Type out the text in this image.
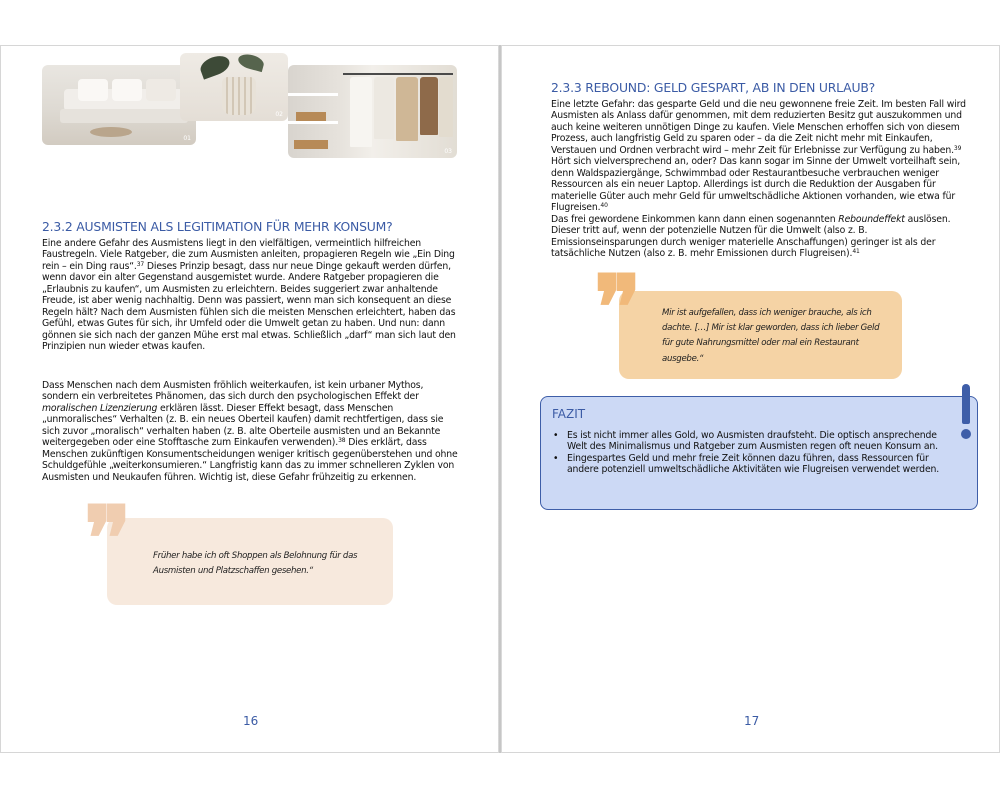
01
02
03
2.3.2 AUSMISTEN ALS LEGITIMATION FÜR MEHR KONSUM?

Eine andere Gefahr des Ausmistens liegt in den vielfältigen, vermeintlich hilfreichen Faustregeln. Viele Ratgeber, die zum Ausmisten anleiten, propagieren Regeln wie „Ein Ding rein – ein Ding raus“.$^{37}$ Dieses Prinzip besagt, dass nur neue Dinge gekauft werden dürfen, wenn davor ein alter Gegenstand ausgemistet wurde. Andere Ratgeber propagieren die „Erlaubnis zu kaufen“, um Ausmisten zu erleichtern. Beides suggeriert zwar anhaltende Freude, ist aber wenig nachhaltig. Denn was passiert, wenn man sich konsequent an diese Regeln hält? Nach dem Ausmisten fühlen sich die meisten Menschen erleichtert, haben das Gefühl, etwas Gutes für sich, ihr Umfeld oder die Umwelt getan zu haben. Und nun: dann gönnen sie sich nach der ganzen Mühe erst mal etwas. Schließlich „darf“ man sich laut den Prinzipien nun wieder etwas kaufen.

Dass Menschen nach dem Ausmisten fröhlich weiterkaufen, ist kein urbaner Mythos, sondern ein verbreitetes Phänomen, das sich durch den psychologischen Effekt der moralischen Lizenzierung erklären lässt. Dieser Effekt besagt, dass Menschen „unmoralisches“ Verhalten (z. B. ein neues Oberteil kaufen) damit rechtfertigen, dass sie sich zuvor „moralisch“ verhalten haben (z. B. alte Oberteile ausmisten und an Bekannte weitergegeben oder eine Stofftasche zum Einkaufen verwenden).$^{38}$ Dies erklärt, dass Menschen zukünftigen Konsumentscheidungen weniger kritisch gegenüberstehen und ohne Schuldgefühle „weiterkonsumieren.“ Langfristig kann das zu immer schnelleren Zyklen von Ausmisten und Neukaufen führen. Wichtig ist, diese Gefahr frühzeitig zu erkennen.

❞	Früher habe ich oft Shoppen als Belohnung für das Ausmisten und Platzschaffen gesehen.“

16
2.3.3 REBOUND: GELD GESPART, AB IN DEN URLAUB?

Eine letzte Gefahr: das gesparte Geld und die neu gewonnene freie Zeit. Im besten Fall wird Ausmisten als Anlass dafür genommen, mit dem reduzierten Besitz gut auszukommen und auch keine weiteren unnötigen Dinge zu kaufen. Viele Menschen erhoffen sich von diesem Prozess, auch langfristig Geld zu sparen oder – da die Zeit nicht mehr mit Einkaufen, Verstauen und Ordnen verbracht wird – mehr Zeit für Erlebnisse zur Verfügung zu haben.$^{39}$ Hört sich vielversprechend an, oder? Das kann sogar im Sinne der Umwelt vorteilhaft sein, denn Waldspaziergänge, Schwimmbad oder Restaurantbesuche verbrauchen weniger Ressourcen als ein neuer Laptop. Allerdings ist durch die Reduktion der Ausgaben für materielle Güter auch mehr Geld für umweltschädliche Aktionen vorhanden, wie etwa für Flugreisen.$^{40}$

Das frei gewordene Einkommen kann dann einen sogenannten Reboundeffekt auslösen. Dieser tritt auf, wenn der potenzielle Nutzen für die Umwelt (also z. B. Emissionseinsparungen durch weniger materielle Anschaffungen) geringer ist als der tatsächliche Nutzen (also z. B. mehr Emissionen durch Flugreisen).$^{41}$

❞ Mir ist aufgefallen, dass ich weniger brauche, als ich dachte. […] Mir ist klar geworden, dass ich lieber Geld für gute Nahrungsmittel oder mal ein Restaurant ausgebe.“

FAZIT
• Es ist nicht immer alles Gold, wo Ausmisten draufsteht. Die optisch ansprechende Welt des Minimalismus und Ratgeber zum Ausmisten regen oft neuen Konsum an.
• Eingespartes Geld und mehr freie Zeit können dazu führen, dass Ressourcen für andere potenziell umweltschädliche Aktivitäten wie Flugreisen verwendet werden.
17
